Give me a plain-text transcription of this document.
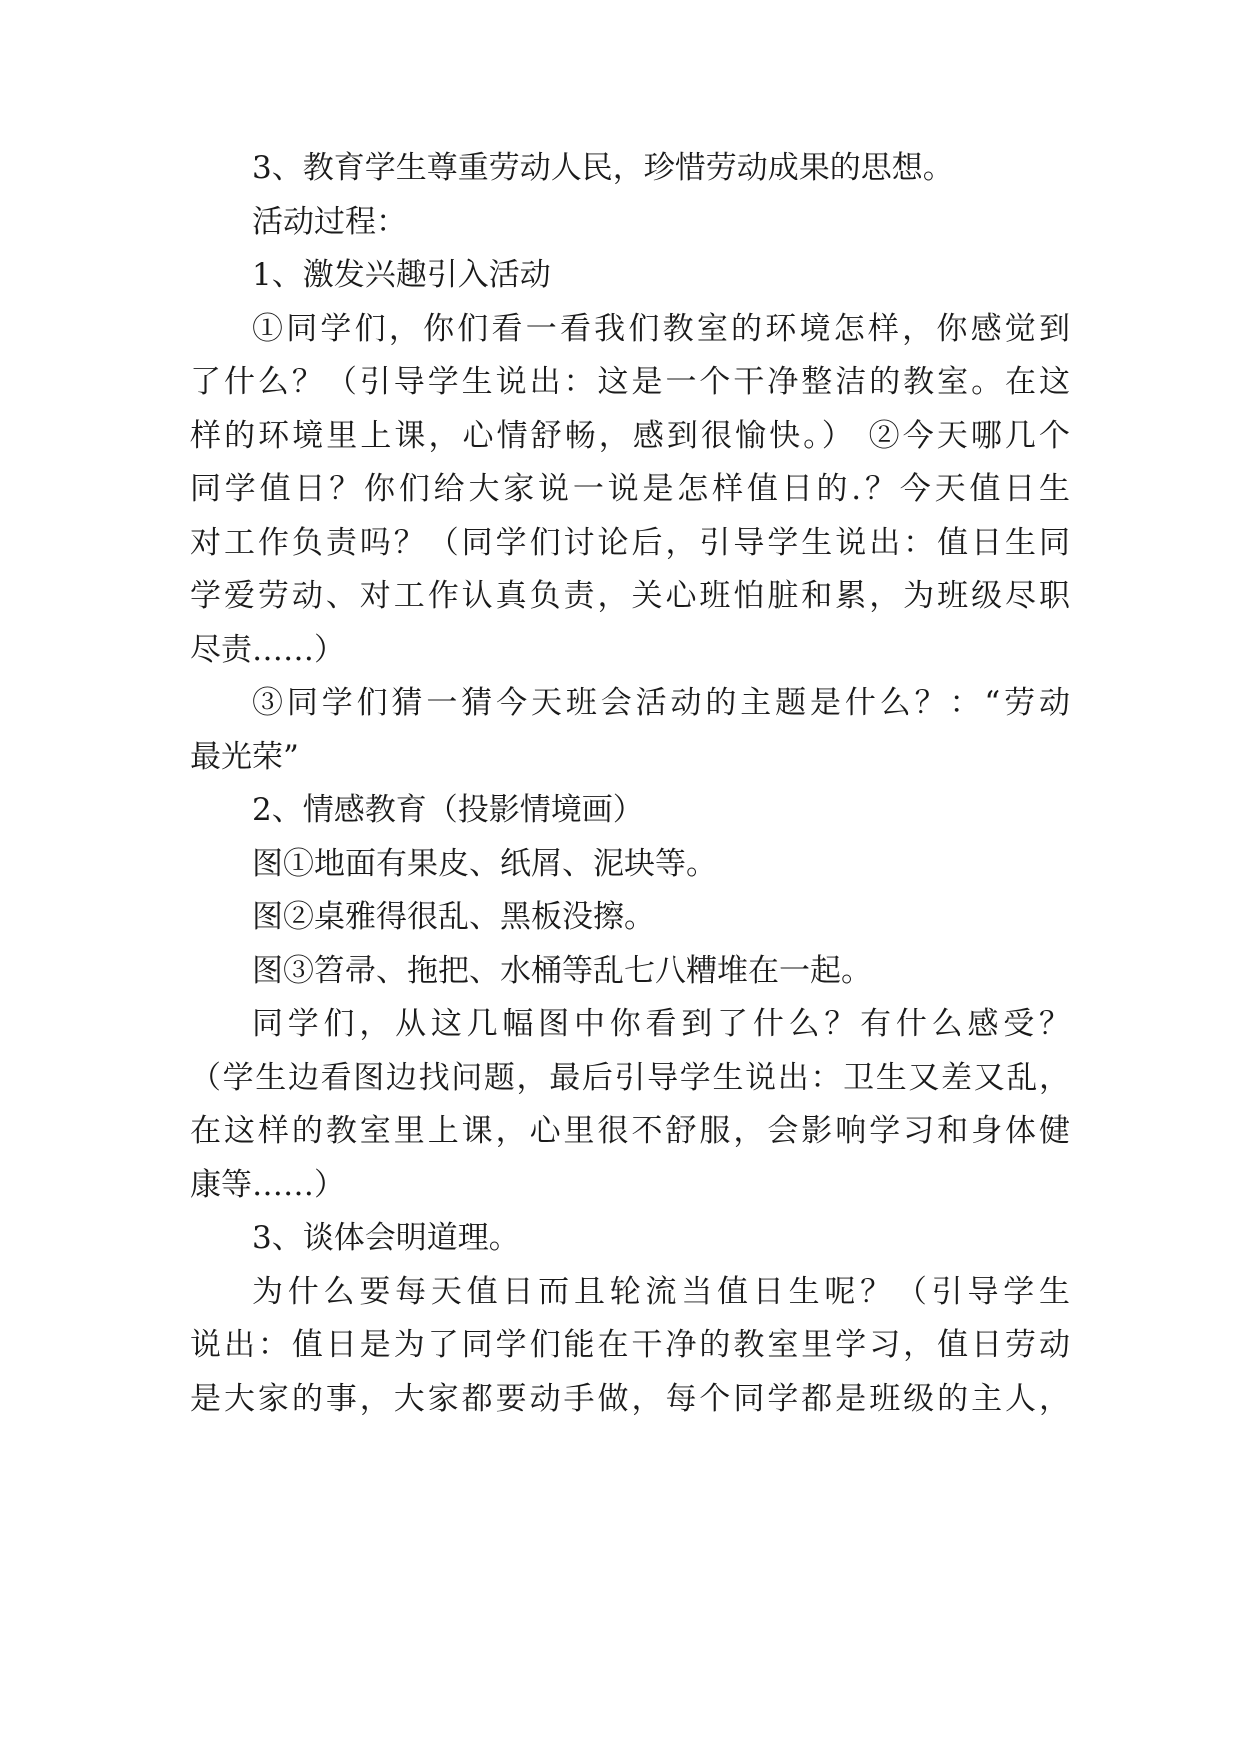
3、教育学生尊重劳动人民，珍惜劳动成果的思想。
活动过程：
1、激发兴趣引入活动
①同学们，你们看一看我们教室的环境怎样，你感觉到
了什么？（引导学生说出：这是一个干净整洁的教室。在这
样的环境里上课，心情舒畅，感到很愉快。） ②今天哪几个
同学值日？你们给大家说一说是怎样值日的.？今天值日生
对工作负责吗？（同学们讨论后，引导学生说出：值日生同
学爱劳动、对工作认真负责，关心班怕脏和累，为班级尽职
尽责……）
③同学们猜一猜今天班会活动的主题是什么？：“劳动
最光荣”
2、情感教育（投影情境画）
图①地面有果皮、纸屑、泥块等。
图②桌雅得很乱、黑板没擦。
图③笤帚、拖把、水桶等乱七八糟堆在一起。
同学们，从这几幅图中你看到了什么？有什么感受？
（学生边看图边找问题，最后引导学生说出：卫生又差又乱，
在这样的教室里上课，心里很不舒服，会影响学习和身体健
康等……）
3、谈体会明道理。
为什么要每天值日而且轮流当值日生呢？（引导学生
说出：值日是为了同学们能在干净的教室里学习，值日劳动
是大家的事，大家都要动手做，每个同学都是班级的主人，
